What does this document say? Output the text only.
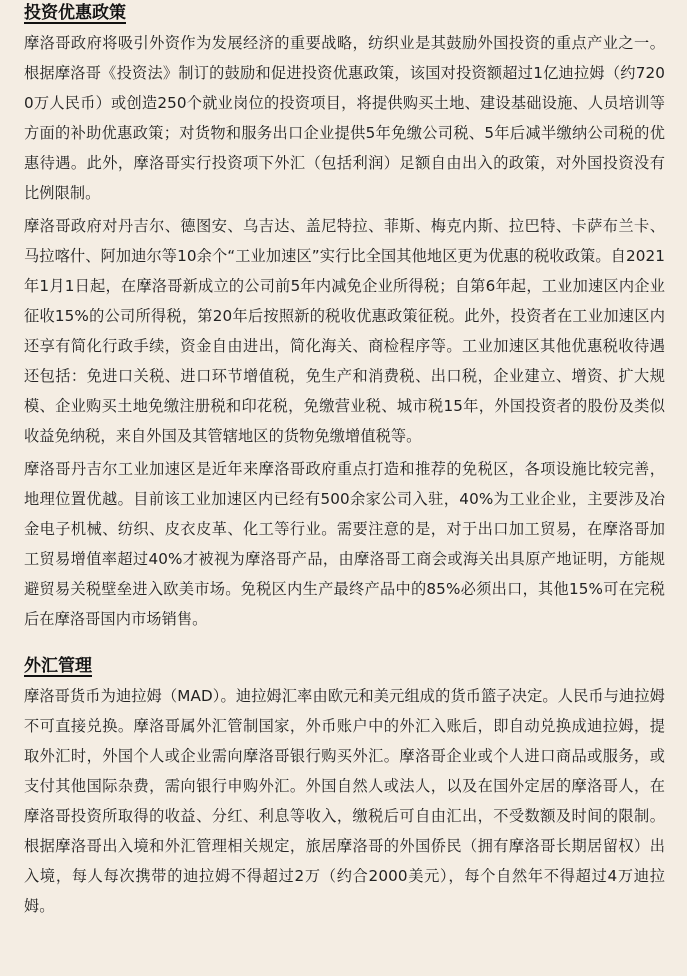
投资优惠政策

摩洛哥政府将吸引外资作为发展经济的重要战略，纺织业是其鼓励外国投资的重点产业之一。根据摩洛哥《投资法》制订的鼓励和促进投资优惠政策，该国对投资额超过1亿迪拉姆（约7200万人民币）或创造250个就业岗位的投资项目，将提供购买土地、建设基础设施、人员培训等方面的补助优惠政策；对货物和服务出口企业提供5年免缴公司税、5年后减半缴纳公司税的优惠待遇。此外，摩洛哥实行投资项下外汇（包括利润）足额自由出入的政策，对外国投资没有比例限制。

摩洛哥政府对丹吉尔、德图安、乌吉达、盖尼特拉、菲斯、梅克内斯、拉巴特、卡萨布兰卡、马拉喀什、阿加迪尔等10余个“工业加速区”实行比全国其他地区更为优惠的税收政策。自2021年1月1日起，在摩洛哥新成立的公司前5年内减免企业所得税；自第6年起，工业加速区内企业征收15%的公司所得税，第20年后按照新的税收优惠政策征税。此外，投资者在工业加速区内还享有简化行政手续，资金自由进出，简化海关、商检程序等。工业加速区其他优惠税收待遇还包括：免进口关税、进口环节增值税，免生产和消费税、出口税，企业建立、增资、扩大规模、企业购买土地免缴注册税和印花税，免缴营业税、城市税15年，外国投资者的股份及类似收益免纳税，来自外国及其管辖地区的货物免缴增值税等。

摩洛哥丹吉尔工业加速区是近年来摩洛哥政府重点打造和推荐的免税区，各项设施比较完善，地理位置优越。目前该工业加速区内已经有500余家公司入驻，40%为工业企业，主要涉及冶金电子机械、纺织、皮衣皮革、化工等行业。需要注意的是，对于出口加工贸易，在摩洛哥加工贸易增值率超过40%才被视为摩洛哥产品，由摩洛哥工商会或海关出具原产地证明，方能规避贸易关税壁垒进入欧美市场。免税区内生产最终产品中的85%必须出口，其他15%可在完税后在摩洛哥国内市场销售。

外汇管理

摩洛哥货币为迪拉姆（MAD）。迪拉姆汇率由欧元和美元组成的货币篮子决定。人民币与迪拉姆不可直接兑换。摩洛哥属外汇管制国家，外币账户中的外汇入账后，即自动兑换成迪拉姆，提取外汇时，外国个人或企业需向摩洛哥银行购买外汇。摩洛哥企业或个人进口商品或服务，或支付其他国际杂费，需向银行申购外汇。外国自然人或法人，以及在国外定居的摩洛哥人，在摩洛哥投资所取得的收益、分红、利息等收入，缴税后可自由汇出，不受数额及时间的限制。根据摩洛哥出入境和外汇管理相关规定，旅居摩洛哥的外国侨民（拥有摩洛哥长期居留权）出入境，每人每次携带的迪拉姆不得超过2万（约合2000美元），每个自然年不得超过4万迪拉姆。
